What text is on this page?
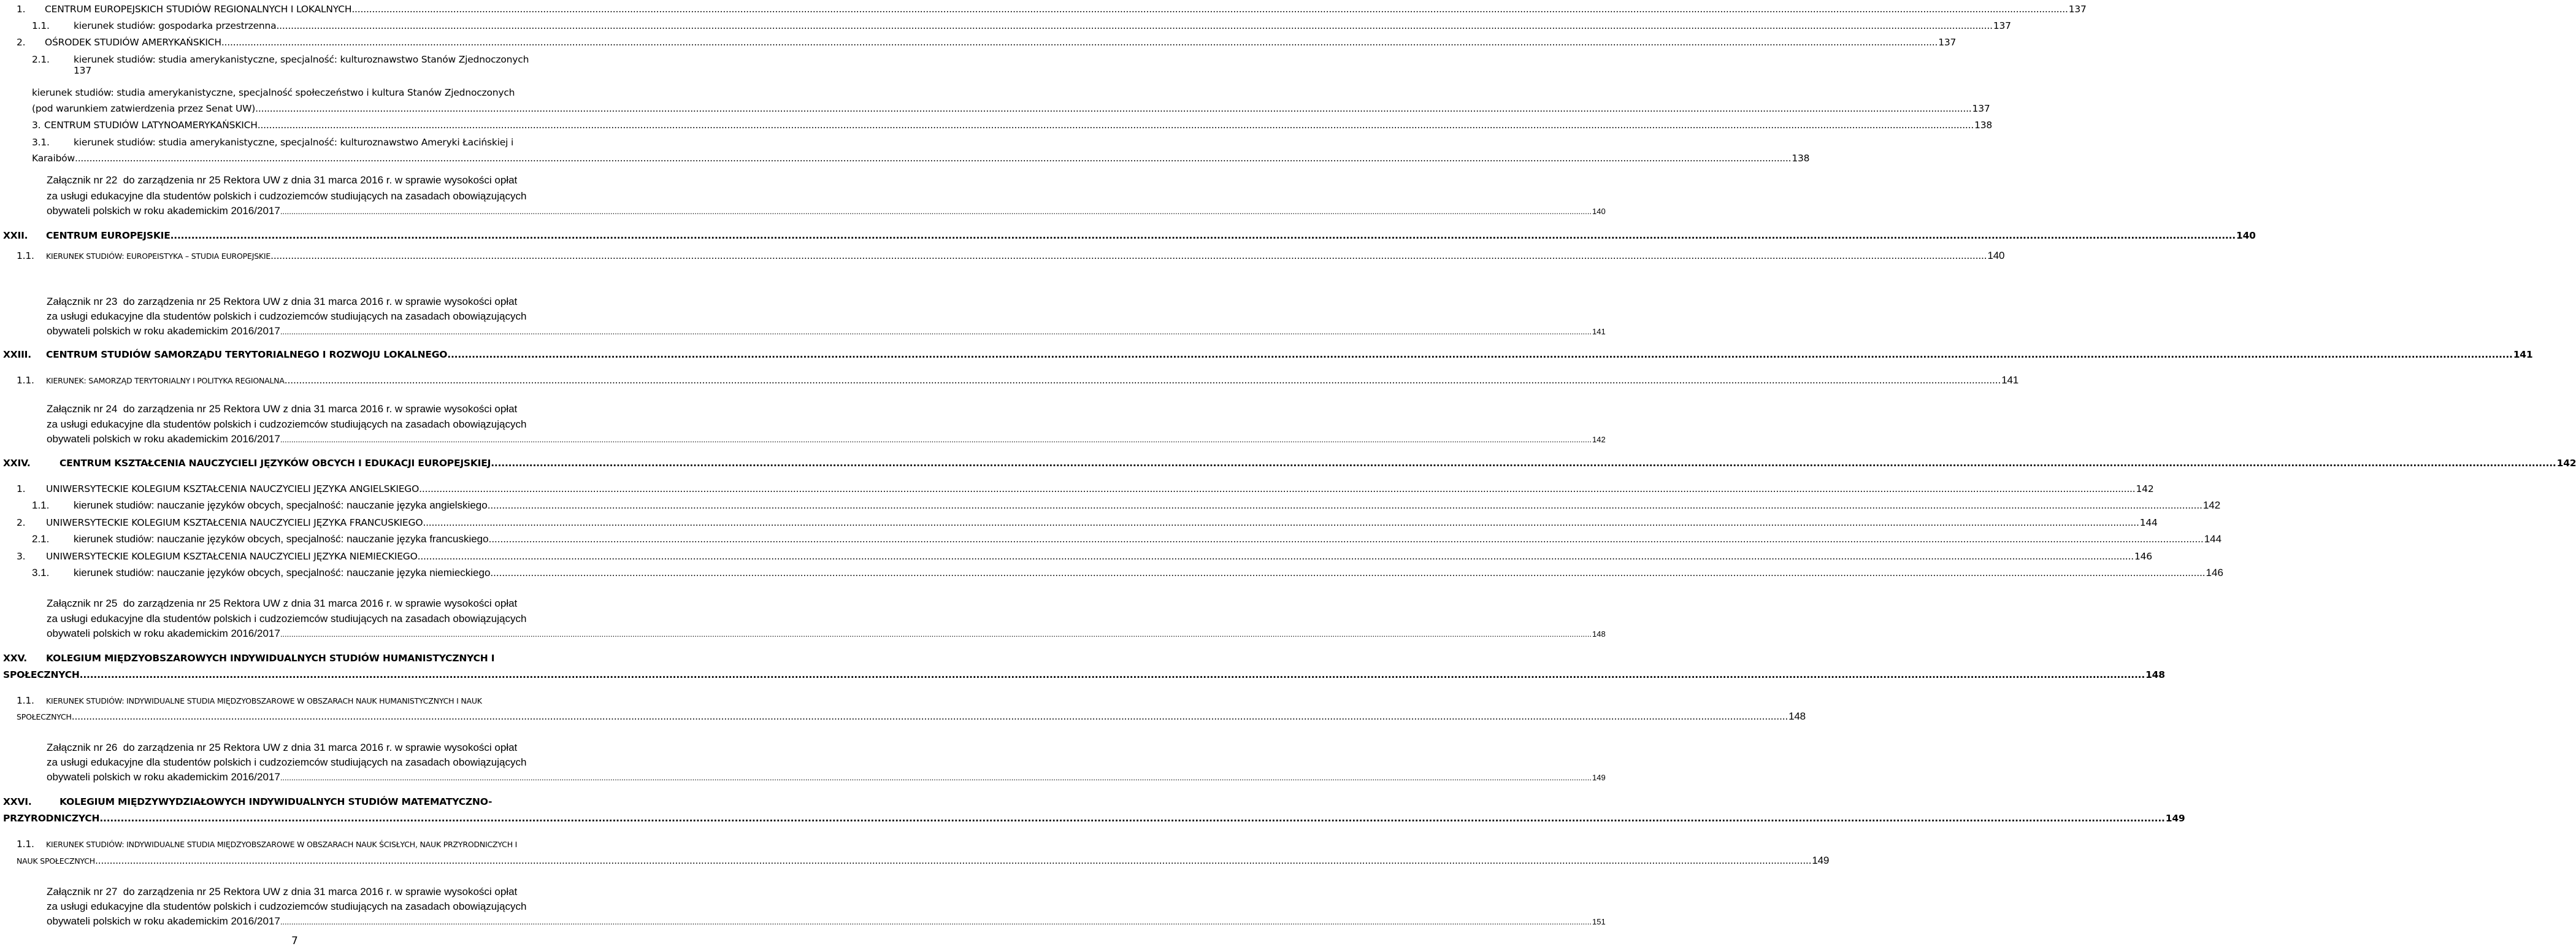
1.	CENTRUM EUROPEJSKICH STUDIÓW REGIONALNYCH I LOKALNYCH .....	137
1.1.	kierunek studiów: gospodarka przestrzenna .....	137
2.	OŚRODEK STUDIÓW AMERYKAŃSKICH .....	137
2.1.	kierunek studiów: studia amerykanistyczne, specjalność: kulturoznawstwo Stanów Zjednoczonych
137
kierunek studiów: studia amerykanistyczne, specjalność społeczeństwo i kultura Stanów Zjednoczonych
(pod warunkiem zatwierdzenia przez Senat UW) .....	137
3. CENTRUM STUDIÓW LATYNOAMERYKAŃSKICH .....	138
3.1.	kierunek studiów: studia amerykanistyczne, specjalność: kulturoznawstwo Ameryki Łacińskiej i
Karaibów .....	138
Załącznik nr 22 do zarządzenia nr 25 Rektora UW z dnia 31 marca 2016 r. w sprawie wysokości opłat
za usługi edukacyjne dla studentów polskich i cudzoziemców studiujących na zasadach obowiązujących
obywateli polskich w roku akademickim 2016/2017 .....	140
XXII.	CENTRUM EUROPEJSKIE .....	140
1.1.	KIERUNEK STUDIÓW: EUROPEISTYKA – STUDIA EUROPEJSKIE .....	140
Załącznik nr 23 do zarządzenia nr 25 Rektora UW z dnia 31 marca 2016 r. w sprawie wysokości opłat
za usługi edukacyjne dla studentów polskich i cudzoziemców studiujących na zasadach obowiązujących
obywateli polskich w roku akademickim 2016/2017 .....	141
XXIII.	CENTRUM STUDIÓW SAMORZĄDU TERYTORIALNEGO I ROZWOJU LOKALNEGO .....	141
1.1.	KIERUNEK: SAMORZĄD TERYTORIALNY I POLITYKA REGIONALNA .....	141
Załącznik nr 24 do zarządzenia nr 25 Rektora UW z dnia 31 marca 2016 r. w sprawie wysokości opłat
za usługi edukacyjne dla studentów polskich i cudzoziemców studiujących na zasadach obowiązujących
obywateli polskich w roku akademickim 2016/2017 .....	142
XXIV.	CENTRUM KSZTAŁCENIA NAUCZYCIELI JĘZYKÓW OBCYCH I EDUKACJI EUROPEJSKIEJ .....	142
1.	UNIWERSYTECKIE KOLEGIUM KSZTAŁCENIA NAUCZYCIELI JĘZYKA ANGIELSKIEGO .....	142
1.1.	kierunek studiów: nauczanie języków obcych, specjalność: nauczanie języka angielskiego .....	142
2.	UNIWERSYTECKIE KOLEGIUM KSZTAŁCENIA NAUCZYCIELI JĘZYKA FRANCUSKIEGO .....	144
2.1.	kierunek studiów: nauczanie języków obcych, specjalność: nauczanie języka francuskiego .....	144
3.	UNIWERSYTECKIE KOLEGIUM KSZTAŁCENIA NAUCZYCIELI JĘZYKA NIEMIECKIEGO .....	146
3.1.	kierunek studiów: nauczanie języków obcych, specjalność: nauczanie języka niemieckiego .....	146
Załącznik nr 25 do zarządzenia nr 25 Rektora UW z dnia 31 marca 2016 r. w sprawie wysokości opłat
za usługi edukacyjne dla studentów polskich i cudzoziemców studiujących na zasadach obowiązujących
obywateli polskich w roku akademickim 2016/2017 .....	148
XXV. KOLEGIUM MIĘDZYOBSZAROWYCH INDYWIDUALNYCH STUDIÓW HUMANISTYCZNYCH I
SPOŁECZNYCH .....	148
1.1. KIERUNEK STUDIÓW: INDYWIDUALNE STUDIA MIĘDZYOBSZAROWE W OBSZARACH NAUK HUMANISTYCZNYCH I NAUK
SPOŁECZNYCH .....	148
Załącznik nr 26 do zarządzenia nr 25 Rektora UW z dnia 31 marca 2016 r. w sprawie wysokości opłat
za usługi edukacyjne dla studentów polskich i cudzoziemców studiujących na zasadach obowiązujących
obywateli polskich w roku akademickim 2016/2017 .....	149
XXVI.	KOLEGIUM MIĘDZYWYDZIAŁOWYCH INDYWIDUALNYCH STUDIÓW MATEMATYCZNO-
PRZYRODNICZYCH .....	149
1.1. KIERUNEK STUDIÓW: INDYWIDUALNE STUDIA MIĘDZYOBSZAROWE W OBSZARACH NAUK ŚCISŁYCH, NAUK PRZYRODNICZYCH I
NAUK SPOŁECZNYCH .....	149
Załącznik nr 27 do zarządzenia nr 25 Rektora UW z dnia 31 marca 2016 r. w sprawie wysokości opłat
za usługi edukacyjne dla studentów polskich i cudzoziemców studiujących na zasadach obowiązujących
obywateli polskich w roku akademickim 2016/2017 .....	151
7
